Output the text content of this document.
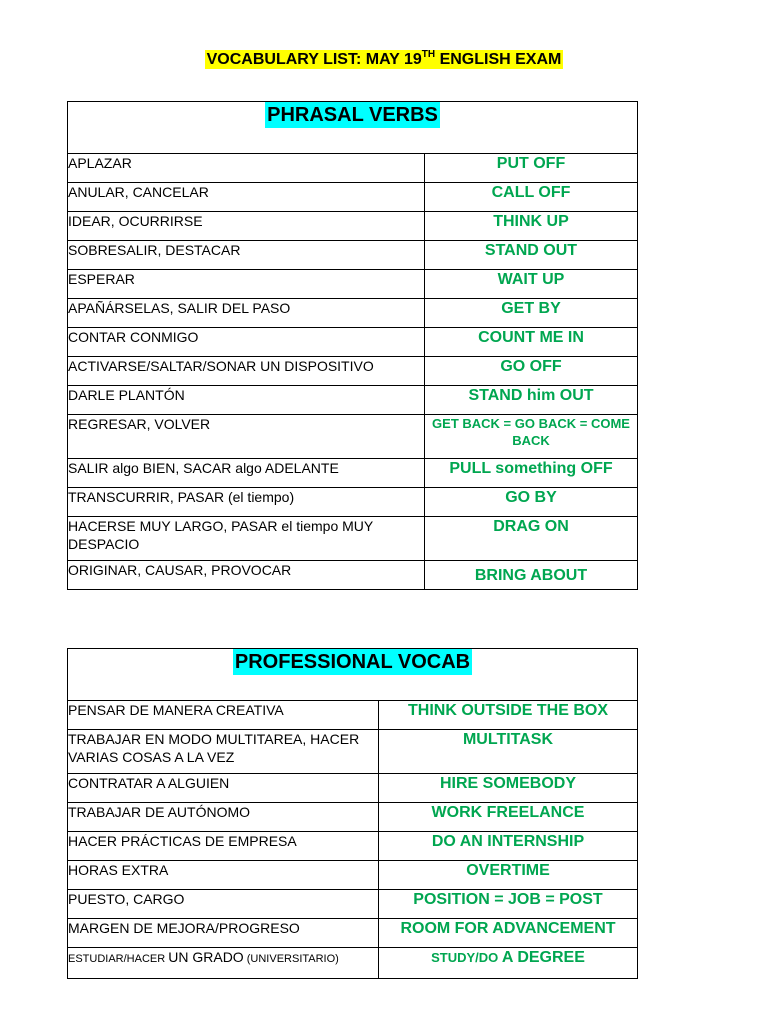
VOCABULARY LIST: MAY 19TH ENGLISH EXAM
PHRASAL VERBS	
APLAZAR	PUT OFF
ANULAR, CANCELAR	CALL OFF
IDEAR, OCURRIRSE	THINK UP
SOBRESALIR, DESTACAR	STAND OUT
ESPERAR	WAIT UP
APAÑÁRSELAS, SALIR DEL PASO	GET BY
CONTAR CONMIGO	COUNT ME IN
ACTIVARSE/SALTAR/SONAR UN DISPOSITIVO	GO OFF
DARLE PLANTÓN	STAND him OUT
REGRESAR, VOLVER	GET BACK = GO BACK = COME BACK
SALIR algo BIEN, SACAR algo ADELANTE	PULL something OFF
TRANSCURRIR, PASAR (el tiempo)	GO BY
HACERSE MUY LARGO, PASAR el tiempo MUY DESPACIO	DRAG ON
ORIGINAR, CAUSAR, PROVOCAR	BRING ABOUT
PROFESSIONAL VOCAB	
PENSAR DE MANERA CREATIVA	THINK OUTSIDE THE BOX
TRABAJAR EN MODO MULTITAREA, HACER VARIAS COSAS A LA VEZ	MULTITASK
CONTRATAR A ALGUIEN	HIRE SOMEBODY
TRABAJAR DE AUTÓNOMO	WORK FREELANCE
HACER PRÁCTICAS DE EMPRESA	DO AN INTERNSHIP
HORAS EXTRA	OVERTIME
PUESTO, CARGO	POSITION = JOB = POST
MARGEN DE MEJORA/PROGRESO	ROOM FOR ADVANCEMENT
ESTUDIAR/HACER UN GRADO (UNIVERSITARIO)	STUDY/DO A DEGREE
